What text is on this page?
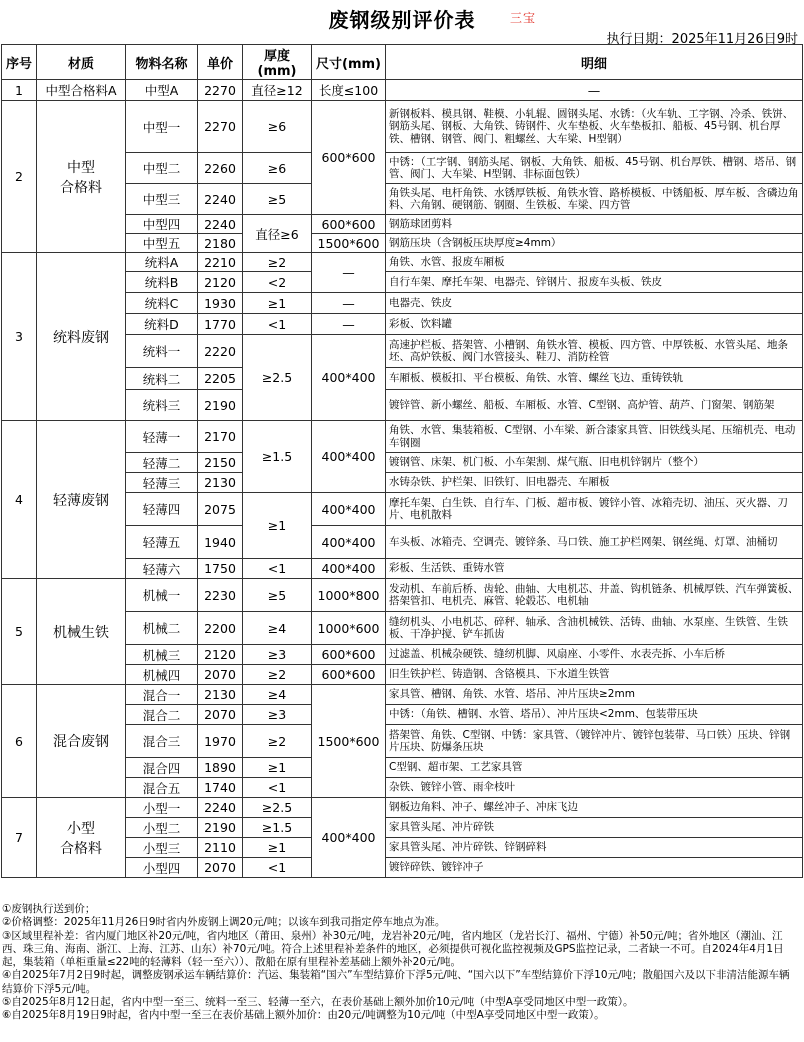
废钢级别评价表	三宝
执行日期：2025年11月26日9时
序号	材质	物料名称	单价	厚度(mm)	尺寸(mm)	明细
1	中型合格料A	中型A	2270	直径≥12	长度≤100	—
2	中型
合格料	中型一	2270	≥6	600*600	新钢板料、模具钢、鞋模、小轧辊、圆钢头尾、水锈：（火车轨、工字钢、冷杀、铁饼、钢筋头尾、钢板、大角铁、铸钢件、火车垫板、火车垫板扣、船板、45号钢、机台厚铁、槽钢、钢管、阀门、粗螺丝、大车梁、H型钢）
		中型二	2260	≥6		中锈：（工字钢、钢筋头尾、钢板、大角铁、船板、45号钢、机台厚铁、槽钢、塔吊、钢管、阀门、大车梁、H型钢、非标面包铁）
		中型三	2240	≥5		角铁头尾、电杆角铁、水锈厚铁板、角铁水管、路桥模板、中锈船板、厚车板、含磷边角料、六角钢、硬钢筋、钢圈、生铁板、车梁、四方管
		中型四	2240	直径≥6	600*600	钢筋球团剪料
		中型五	2180		1500*600	钢筋压块（含钢板压块厚度≥4mm）
3	统料废钢	统料A	2210	≥2	—	角铁、水管、报废车厢板
		统料B	2120	<2		自行车架、摩托车架、电器壳、锌钢片、报废车头板、铁皮
		统料C	1930	≥1	—	电器壳、铁皮
		统料D	1770	<1	—	彩板、饮料罐
		统料一	2220	≥2.5	400*400	高速护栏板、搭架管、小槽钢、角铁水管、模板、四方管、中厚铁板、水管头尾、地条坯、高炉铁板、阀门水管接头、鞋刀、消防栓管
		统料二	2205			车厢板、模板扣、平台模板、角铁、水管、螺丝飞边、重铸铁轨
		统料三	2190			镀锌管、新小螺丝、船板、车厢板、水管、C型钢、高炉管、葫芦、门窗架、钢筋架
4	轻薄废钢	轻薄一	2170	≥1.5	400*400	角铁、水管、集装箱板、C型钢、小车梁、新合漆家具管、旧铁线头尾、压缩机壳、电动车钢圈
		轻薄二	2150			镀钢管、床架、机门板、小车架割、煤气瓶、旧电机锌钢片（整个）
		轻薄三	2130			水铸杂铁、护栏架、旧铁钉、旧电器壳、车厢板
		轻薄四	2075	≥1	400*400	摩托车架、白生铁、自行车、门板、超市板、镀锌小管、冰箱壳切、油压、灭火器、刀片、电机散料
		轻薄五	1940		400*400	车头板、冰箱壳、空调壳、镀锌条、马口铁、施工护栏网架、钢丝绳、灯罩、油桶切
		轻薄六	1750	<1	400*400	彩板、生活铁、重铸水管
5	机械生铁	机械一	2230	≥5	1000*800	发动机、车前后桥、齿轮、曲轴、大电机芯、井盖、钩机链条、机械厚铁、汽车弹簧板、搭架管扣、电机壳、麻管、轮毂芯、电机轴
		机械二	2200	≥4	1000*600	缝纫机头、小电机芯、碎秤、轴承、含油机械铁、活铸、曲轴、水泵座、生铁管、生铁板、干净护搅、铲车抓齿
		机械三	2120	≥3	600*600	过滤盖、机械杂硬铁、缝纫机脚、风扇座、小零件、水表壳拆、小车后桥
		机械四	2070	≥2	600*600	旧生铁护栏、铸造钢、含铬模具、下水道生铁管
6	混合废钢	混合一	2130	≥4	1500*600	家具管、槽钢、角铁、水管、塔吊、冲片压块≥2mm
		混合二	2070	≥3		中锈：（角铁、槽钢、水管、塔吊）、冲片压块<2mm、包装带压块
		混合三	1970	≥2		搭架管、角铁、C型钢、中锈：家具管、（镀锌冲片、镀锌包装带、马口铁）压块、锌钢片压块、防爆条压块
		混合四	1890	≥1		C型钢、超市架、工艺家具管
		混合五	1740	<1		杂铁、镀锌小管、雨伞枝叶
7	小型
合格料	小型一	2240	≥2.5	400*400	钢板边角料、冲子、螺丝冲子、冲床飞边
		小型二	2190	≥1.5		家具管头尾、冲片碎铁
		小型三	2110	≥1		家具管头尾、冲片碎铁、锌钢碎料
		小型四	2070	<1		镀锌碎铁、镀锌冲子
①废钢执行送到价；
②价格调整：2025年11月26日9时省内外废钢上调20元/吨；以该车到我司指定停车地点为准。
③区域里程补差：省内厦门地区补20元/吨，省内地区（莆田、泉州）补30元/吨，龙岩补20元/吨，省内地区（龙岩长汀、福州、宁德）补50元/吨；省外地区（潮汕、江西、珠三角、海南、浙江、上海、江苏、山东）补70元/吨。符合上述里程补差条件的地区，必须提供可视化监控视频及GPS监控记录，二者缺一不可。自2024年4月1日起，集装箱（单柜重量≤22吨的轻薄料（轻一至六））、散船在原有里程补差基础上额外补20元/吨。
④自2025年7月2日9时起，调整废钢承运车辆结算价：汽运、集装箱“国六”车型结算价下浮5元/吨、“国六以下”车型结算价下浮10元/吨；散船国六及以下非清洁能源车辆结算价下浮5元/吨。
⑤自2025年8月12日起，省内中型一至三、统料一至三、轻薄一至六，在表价基础上额外加价10元/吨（中型A享受同地区中型一政策）。
⑥自2025年8月19日9时起，省内中型一至三在表价基础上额外加价：由20元/吨调整为10元/吨（中型A享受同地区中型一政策）。
